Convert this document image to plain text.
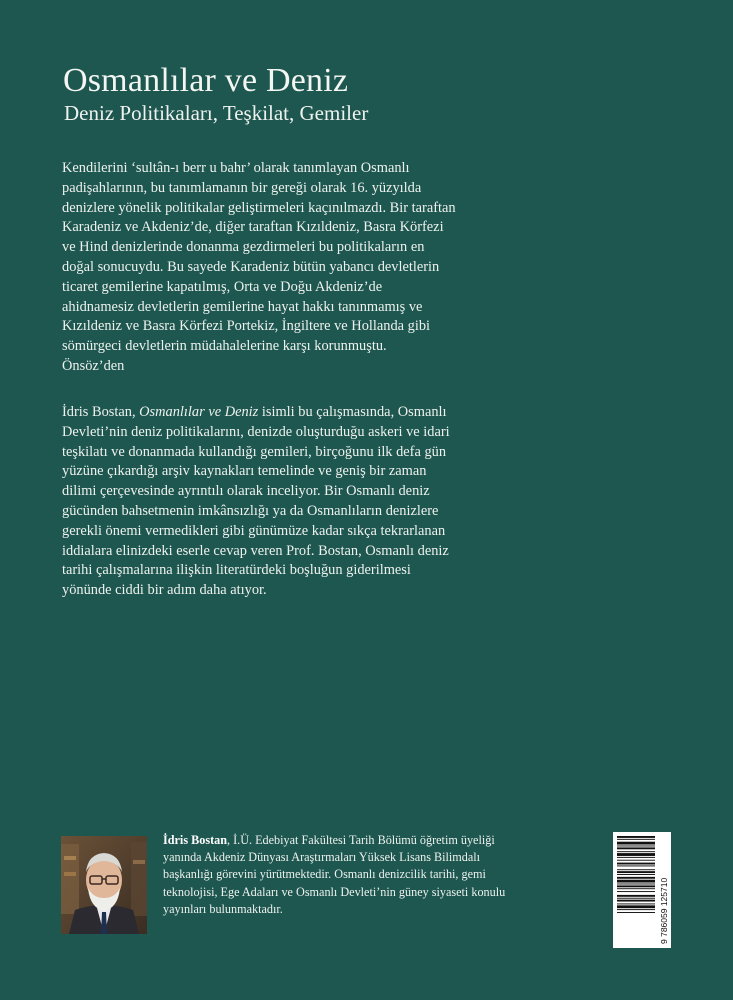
Osmanlılar ve Deniz
Deniz Politikaları, Teşkilat, Gemiler
Kendilerini ‘sultân-ı berr u bahr’ olarak tanımlayan Osmanlı
padişahlarının, bu tanımlamanın bir gereği olarak 16. yüzyılda
denizlere yönelik politikalar geliştirmeleri kaçınılmazdı. Bir taraftan
Karadeniz ve Akdeniz’de, diğer taraftan Kızıldeniz, Basra Körfezi
ve Hind denizlerinde donanma gezdirmeleri bu politikaların en
doğal sonucuydu. Bu sayede Karadeniz bütün yabancı devletlerin
ticaret gemilerine kapatılmış, Orta ve Doğu Akdeniz’de
ahidnamesiz devletlerin gemilerine hayat hakkı tanınmamış ve
Kızıldeniz ve Basra Körfezi Portekiz, İngiltere ve Hollanda gibi
sömürgeci devletlerin müdahalelerine karşı korunmuştu.
Önsöz’den
İdris Bostan, Osmanlılar ve Deniz isimli bu çalışmasında, Osmanlı
Devleti’nin deniz politikalarını, denizde oluşturduğu askeri ve idari
teşkilatı ve donanmada kullandığı gemileri, birçoğunu ilk defa gün
yüzüne çıkardığı arşiv kaynakları temelinde ve geniş bir zaman
dilimi çerçevesinde ayrıntılı olarak inceliyor. Bir Osmanlı deniz
gücünden bahsetmenin imkânsızlığı ya da Osmanlıların denizlere
gerekli önemi vermedikleri gibi günümüze kadar sıkça tekrarlanan
iddialara elinizdeki eserle cevap veren Prof. Bostan, Osmanlı deniz
tarihi çalışmalarına ilişkin literatürdeki boşluğun giderilmesi
yönünde ciddi bir adım daha atıyor.
İdris Bostan, İ.Ü. Edebiyat Fakültesi Tarih Bölümü öğretim üyeliği
yanında Akdeniz Dünyası Araştırmaları Yüksek Lisans Bilimdalı
başkanlığı görevini yürütmektedir. Osmanlı denizcilik tarihi, gemi
teknolojisi, Ege Adaları ve Osmanlı Devleti’nin güney siyaseti konulu
yayınları bulunmaktadır.	9 786059 125710
